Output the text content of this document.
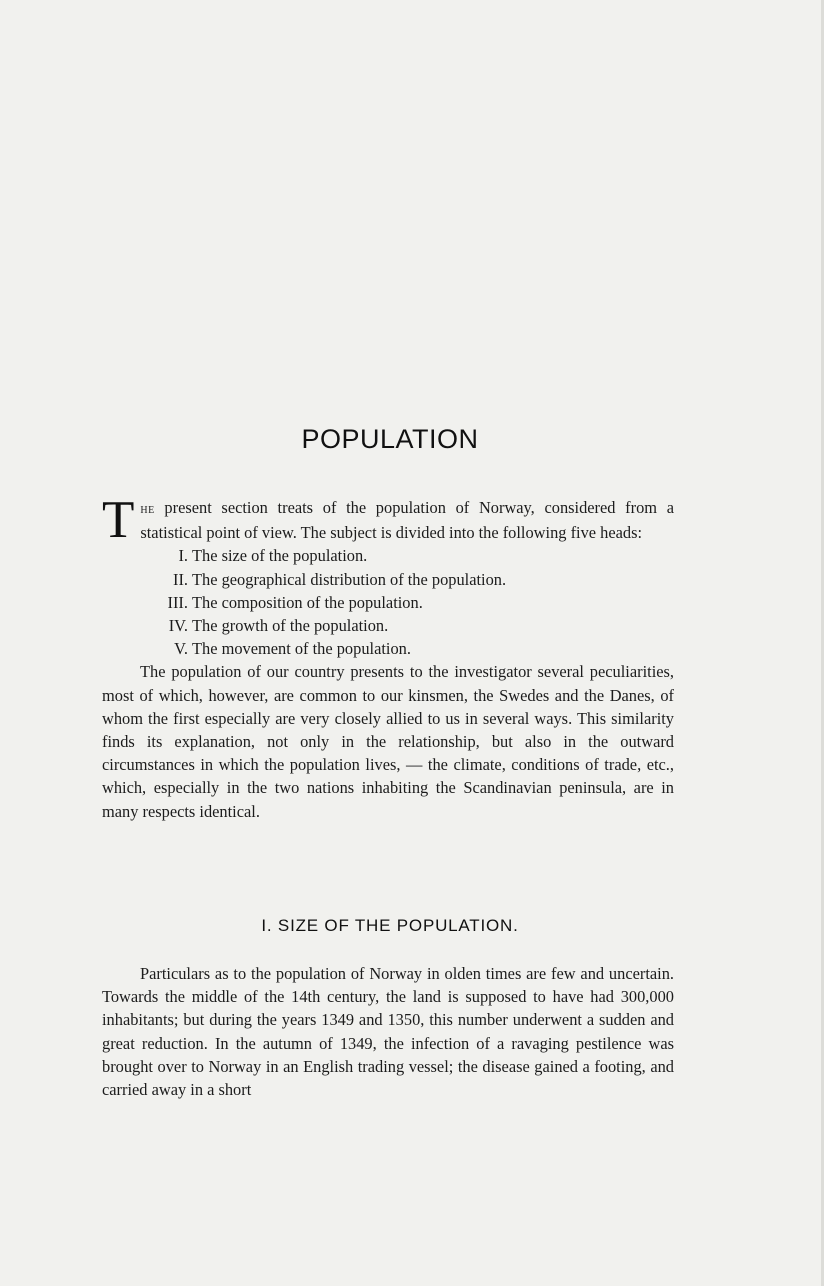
POPULATION

The present section treats of the population of Norway, considered from a statistical point of view. The subject is divided into the following five heads:

I. The size of the population.
II. The geographical distribution of the population.
III. The composition of the population.
IV. The growth of the population.
V. The movement of the population.

The population of our country presents to the investigator several peculiarities, most of which, however, are common to our kinsmen, the Swedes and the Danes, of whom the first especially are very closely allied to us in several ways. This similarity finds its explanation, not only in the relationship, but also in the outward circumstances in which the population lives, — the climate, conditions of trade, etc., which, especially in the two nations inhabiting the Scandinavian peninsula, are in many respects identical.

I. SIZE OF THE POPULATION.

Particulars as to the population of Norway in olden times are few and uncertain. Towards the middle of the 14th century, the land is supposed to have had 300,000 inhabitants; but during the years 1349 and 1350, this number underwent a sudden and great reduction. In the autumn of 1349, the infection of a ravaging pestilence was brought over to Norway in an English trading vessel; the disease gained a footing, and carried away in a short
